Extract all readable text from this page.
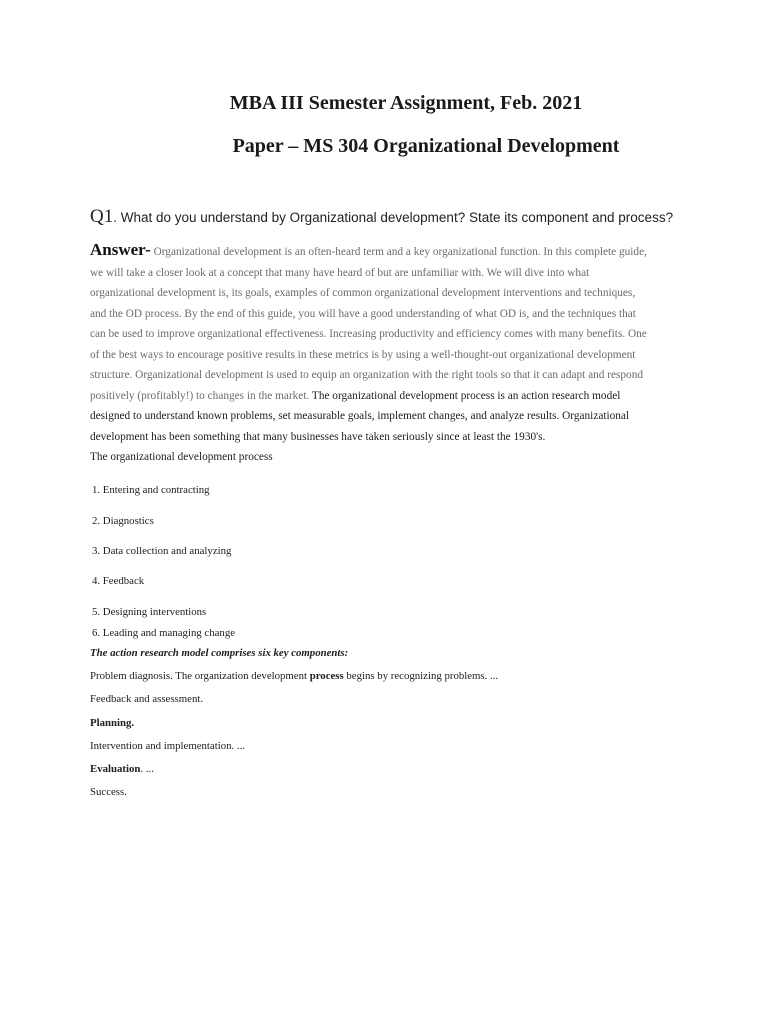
MBA III Semester Assignment, Feb. 2021
Paper – MS 304 Organizational Development
Q1. What do you understand by Organizational development? State its component and process?
Answer- Organizational development is an often-heard term and a key organizational function. In this complete guide, we will take a closer look at a concept that many have heard of but are unfamiliar with. We will dive into what organizational development is, its goals, examples of common organizational development interventions and techniques, and the OD process. By the end of this guide, you will have a good understanding of what OD is, and the techniques that can be used to improve organizational effectiveness. Increasing productivity and efficiency comes with many benefits. One of the best ways to encourage positive results in these metrics is by using a well-thought-out organizational development structure. Organizational development is used to equip an organization with the right tools so that it can adapt and respond positively (profitably!) to changes in the market. The organizational development process is an action research model designed to understand known problems, set measurable goals, implement changes, and analyze results. Organizational development has been something that many businesses have taken seriously since at least the 1930's.
The organizational development process
1. Entering and contracting
2. Diagnostics
3. Data collection and analyzing
4. Feedback
5. Designing interventions
6. Leading and managing change
The action research model comprises six key components:
Problem diagnosis. The organization development process begins by recognizing problems. ...
Feedback and assessment.
Planning.
Intervention and implementation. ...
Evaluation. ...
Success.
